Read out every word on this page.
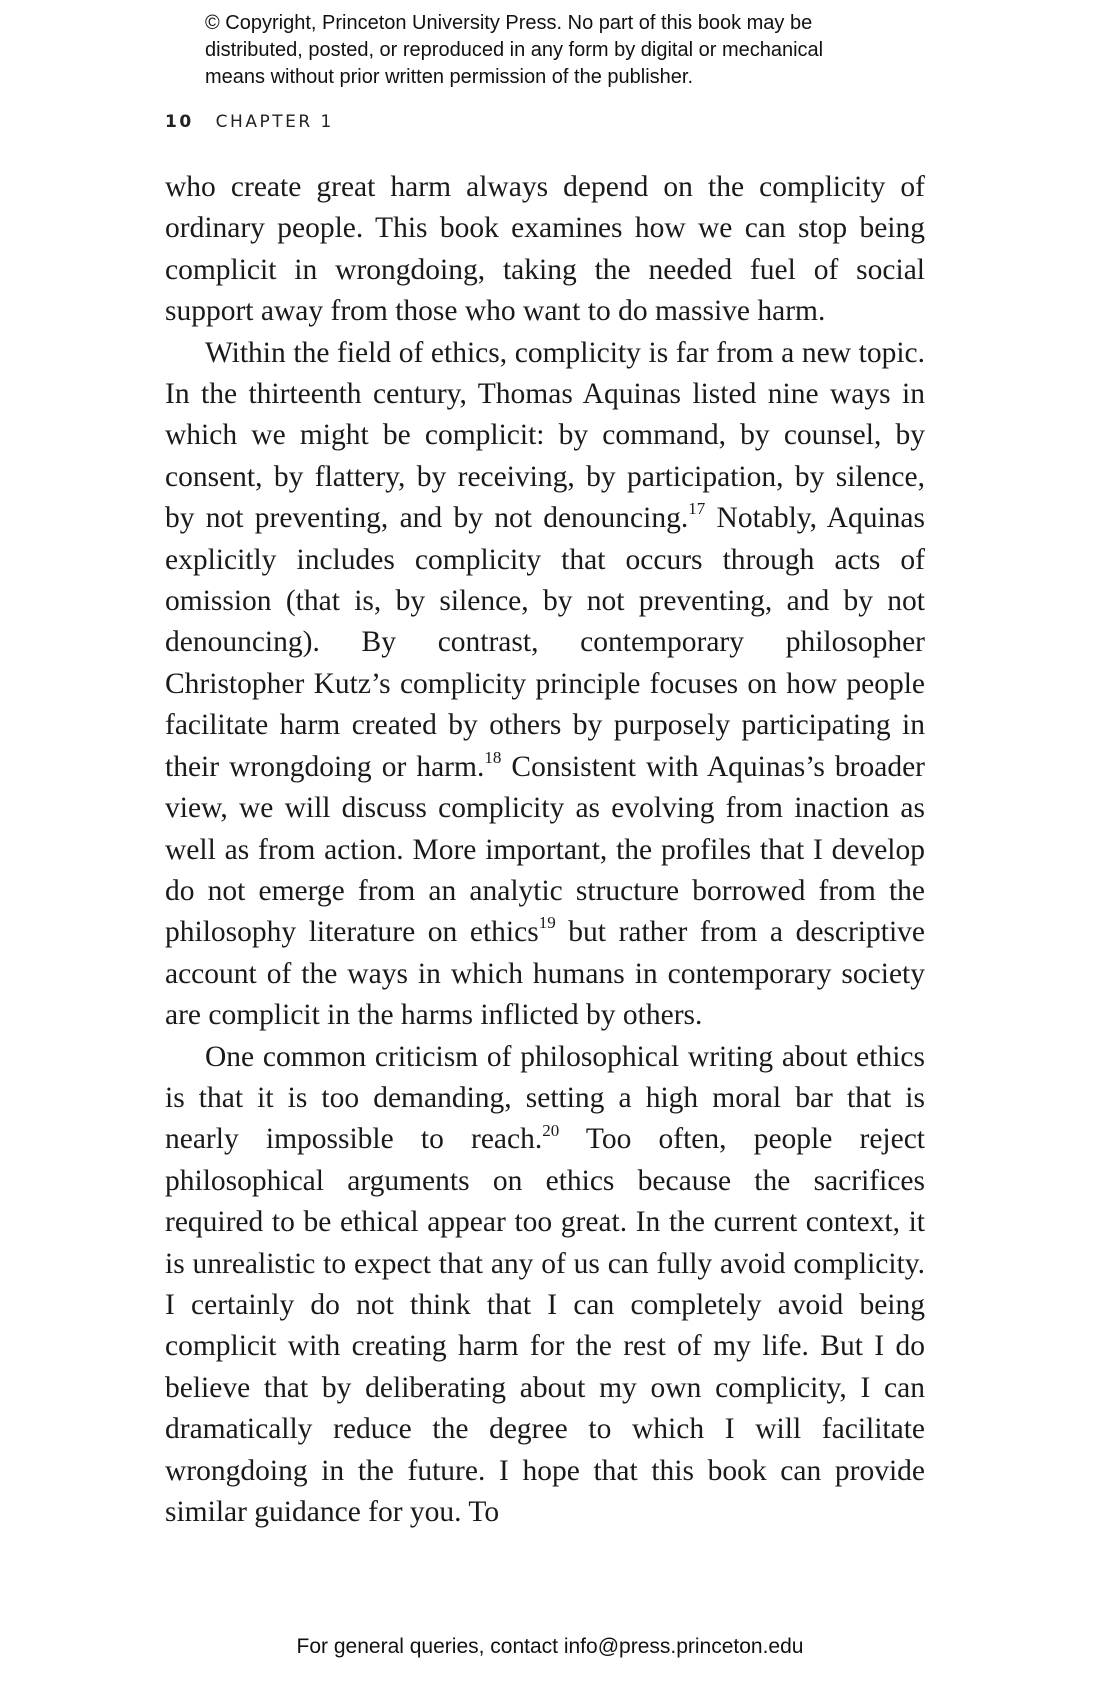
© Copyright, Princeton University Press. No part of this book may be
distributed, posted, or reproduced in any form by digital or mechanical
means without prior written permission of the publisher.
10 CHAPTER 1

who create great harm always depend on the complicity of ordinary people. This book examines how we can stop being complicit in wrongdoing, taking the needed fuel of social support away from those who want to do massive harm.

Within the field of ethics, complicity is far from a new topic. In the thirteenth century, Thomas Aquinas listed nine ways in which we might be complicit: by command, by counsel, by consent, by flattery, by receiving, by participation, by silence, by not preventing, and by not denouncing.$^{17}$ Notably, Aquinas explicitly includes complicity that occurs through acts of omission (that is, by silence, by not preventing, and by not denouncing). By contrast, contemporary philosopher Christopher Kutz’s complicity principle focuses on how people facilitate harm created by others by purposely participating in their wrongdoing or harm.$^{18}$ Consistent with Aquinas’s broader view, we will discuss complicity as evolving from inaction as well as from action. More important, the profiles that I develop do not emerge from an analytic structure borrowed from the philosophy literature on ethics$^{19}$ but rather from a descriptive account of the ways in which humans in contemporary society are complicit in the harms inflicted by others.

One common criticism of philosophical writing about ethics is that it is too demanding, setting a high moral bar that is nearly impossible to reach.$^{20}$ Too often, people reject philosophical arguments on ethics because the sacrifices required to be ethical appear too great. In the current context, it is unrealistic to expect that any of us can fully avoid complicity. I certainly do not think that I can completely avoid being complicit with creating harm for the rest of my life. But I do believe that by deliberating about my own complicity, I can dramatically reduce the degree to which I will facilitate wrongdoing in the future. I hope that this book can provide similar guidance for you. To

For general queries, contact info@press.princeton.edu
